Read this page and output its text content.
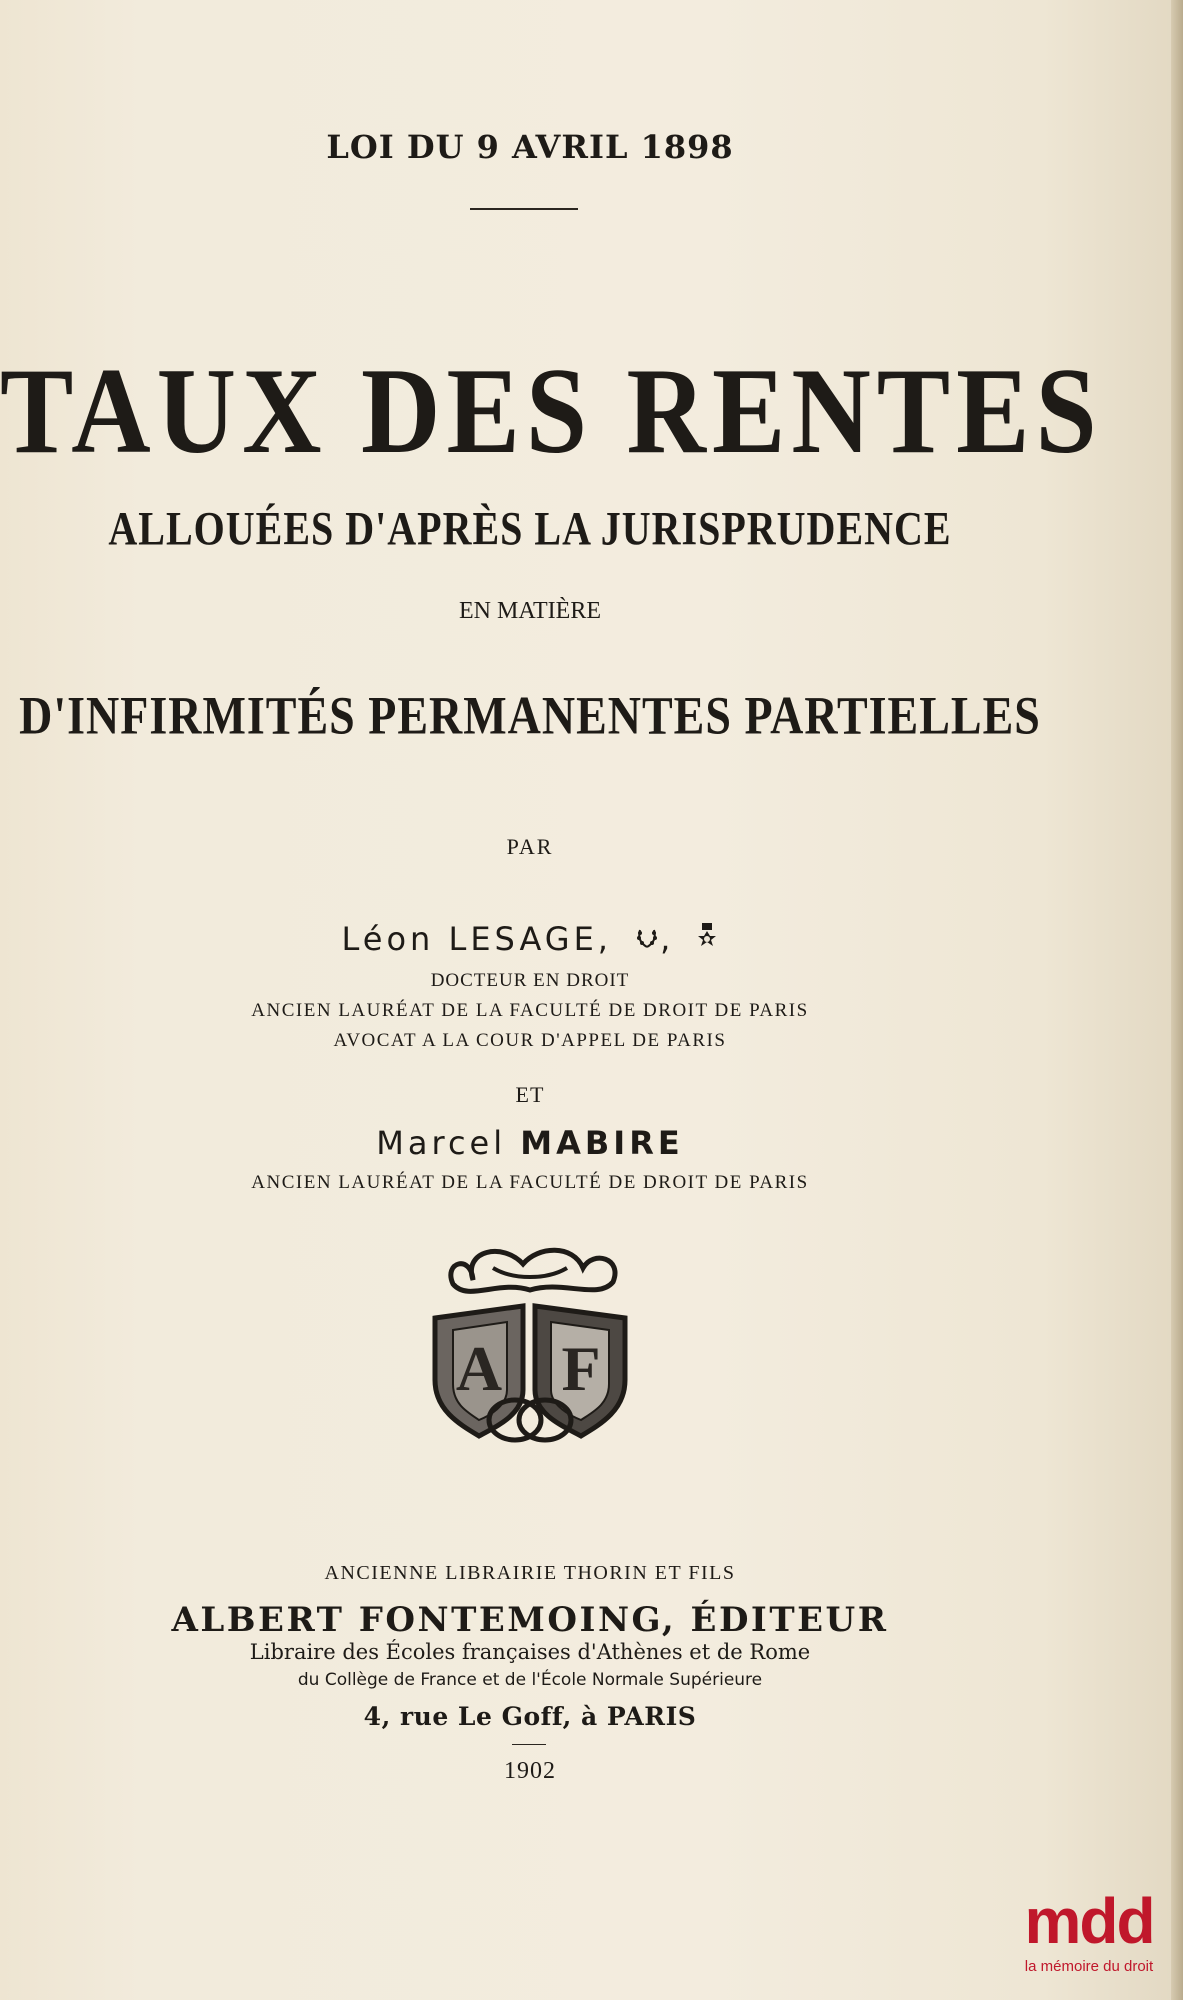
LOI DU 9 AVRIL 1898
TAUX DES RENTES
ALLOUÉES D'APRÈS LA JURISPRUDENCE
EN MATIÈRE
D'INFIRMITÉS PERMANENTES PARTIELLES
PAR
Léon LESAGE, ,
DOCTEUR EN DROIT
ANCIEN LAURÉAT DE LA FACULTÉ DE DROIT DE PARIS
AVOCAT A LA COUR D'APPEL DE PARIS
ET
Marcel MABIRE
ANCIEN LAURÉAT DE LA FACULTÉ DE DROIT DE PARIS
A F
ANCIENNE LIBRAIRIE THORIN ET FILS
ALBERT FONTEMOING, ÉDITEUR
Libraire des Écoles françaises d'Athènes et de Rome
du Collège de France et de l'École Normale Supérieure
4, rue Le Goff, à PARIS
1902
mdd
la mémoire du droit
